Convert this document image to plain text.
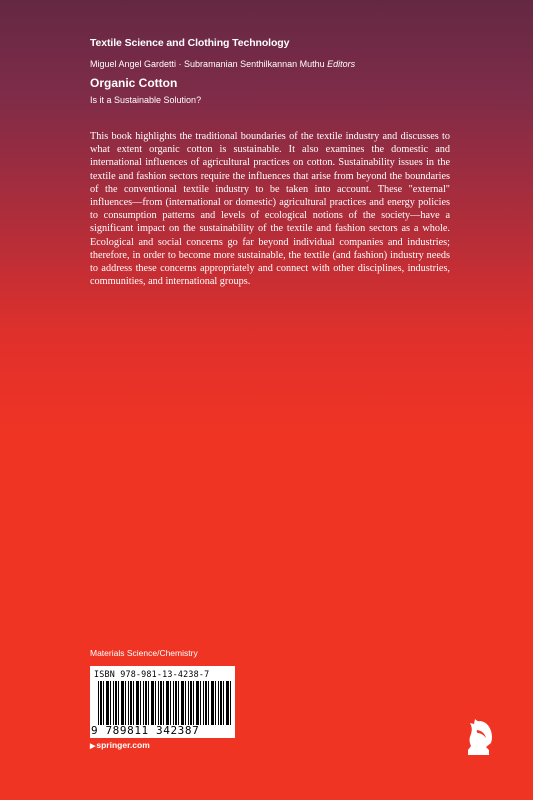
Textile Science and Clothing Technology
Miguel Angel Gardetti · Subramanian Senthilkannan Muthu Editors
Organic Cotton
Is it a Sustainable Solution?

This book highlights the traditional boundaries of the textile industry and discusses to what extent organic cotton is sustainable. It also examines the domestic and international influences of agricultural practices on cotton. Sustainability issues in the textile and fashion sectors require the influences that arise from beyond the boundaries of the conventional textile industry to be taken into account. These "external" influences—from (international or domestic) agricultural practices and energy policies to consumption patterns and levels of ecological notions of the society—have a significant impact on the sustainability of the textile and fashion sectors as a whole. Ecological and social concerns go far beyond individual companies and industries; therefore, in order to become more sustainable, the textile (and fashion) industry needs to address these concerns appropriately and connect with other disciplines, industries, communities, and international groups.

Materials Science/Chemistry
ISBN 978-981-13-4238-7
9 789811 342387
▶springer.com
